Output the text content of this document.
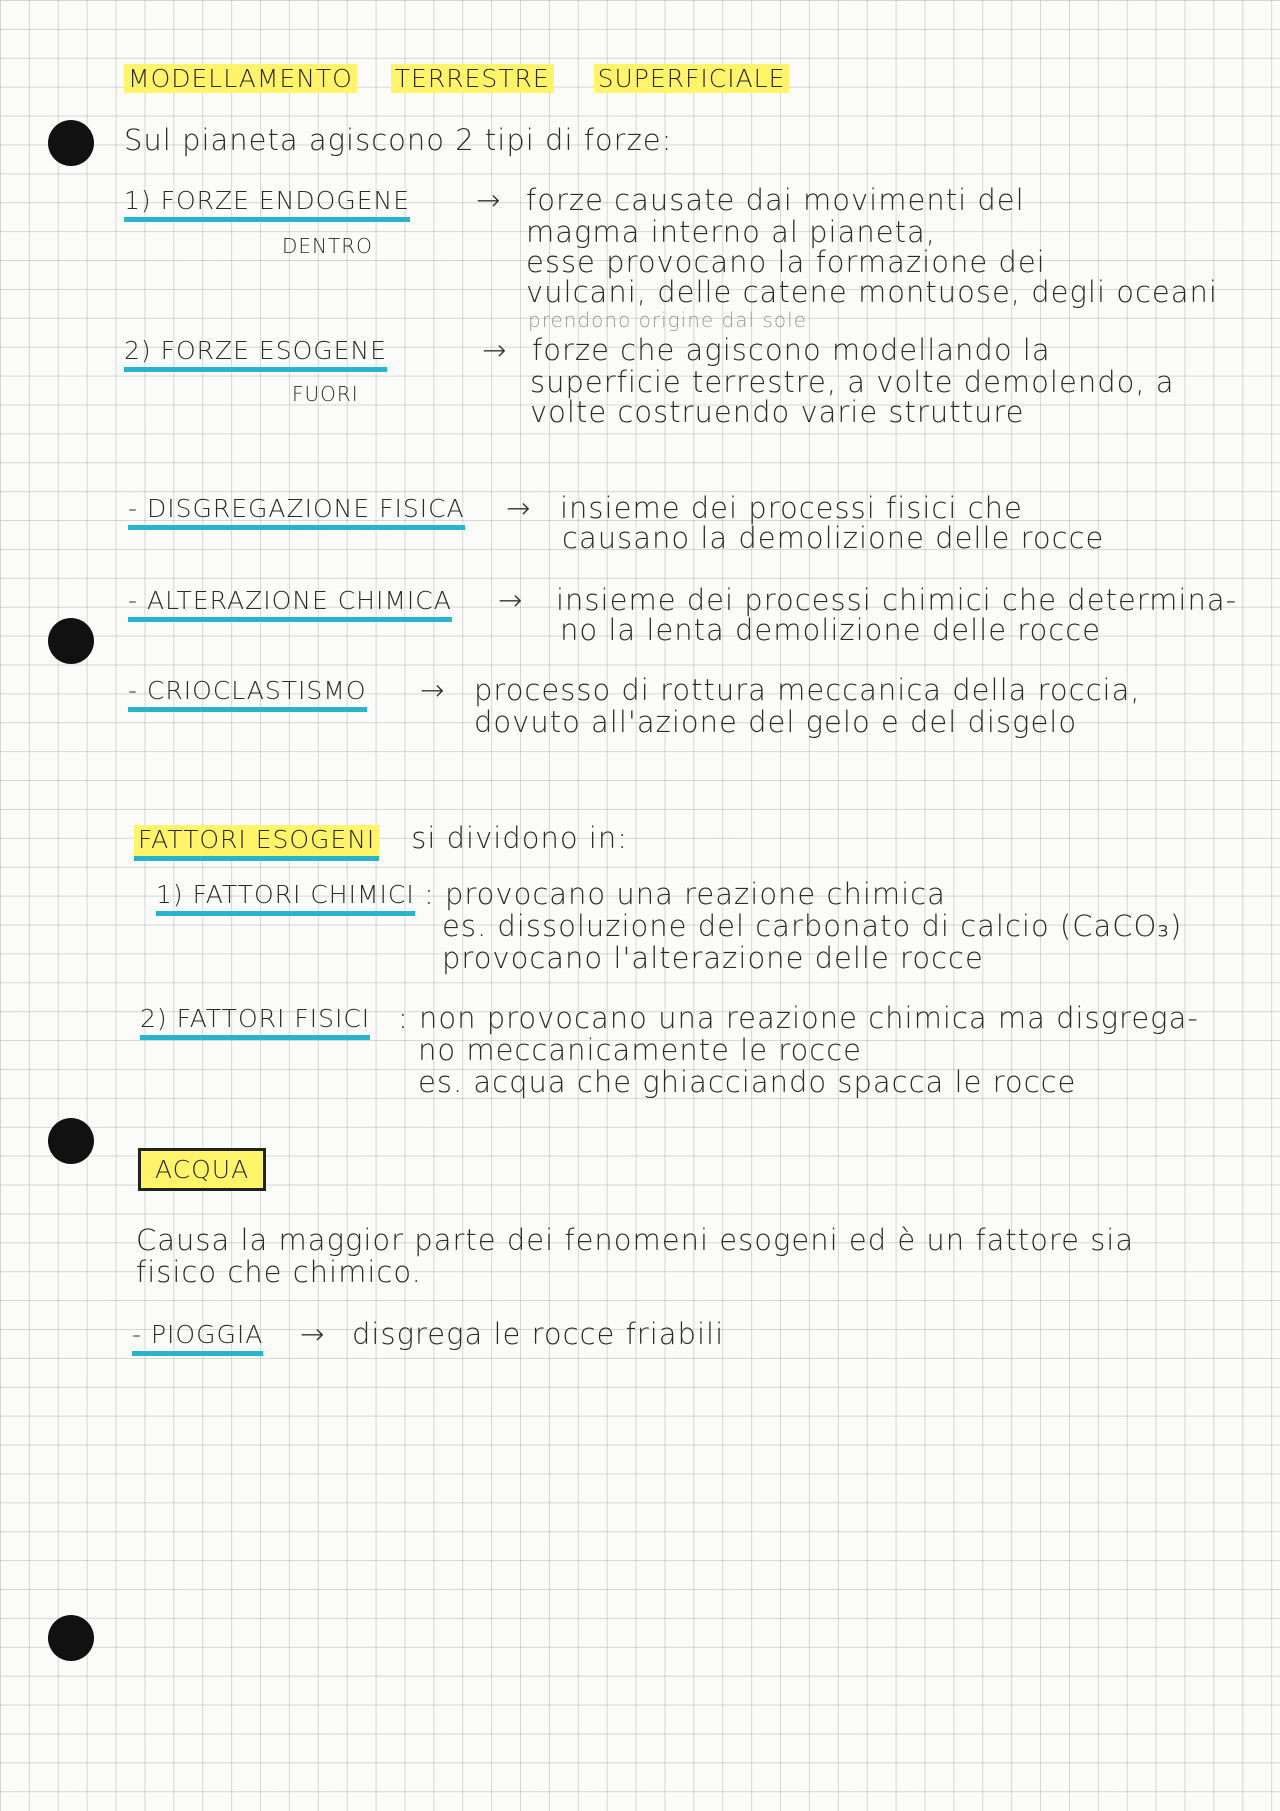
MODELLAMENTO TERRESTRE SUPERFICIALE
Sul pianeta agiscono 2 tipi di forze:
1) FORZE ENDOGENE
DENTRO
→ forze causate dai movimenti del
magma interno al pianeta,
esse provocano la formazione dei
vulcani, delle catene montuose, degli oceani
prendono origine dal sole
2) FORZE ESOGENE
FUORI
→ forze che agiscono modellando la
superficie terrestre, a volte demolendo, a
volte costruendo varie strutture
- DISGREGAZIONE FISICA → insieme dei processi fisici che
causano la demolizione delle rocce
- ALTERAZIONE CHIMICA → insieme dei processi chimici che determina-
no la lenta demolizione delle rocce
- CRIOCLASTISMO → processo di rottura meccanica della roccia,
dovuto all'azione del gelo e del disgelo
FATTORI ESOGENI si dividono in:
1) FATTORI CHIMICI : provocano una reazione chimica
es. dissoluzione del carbonato di calcio (CaCO₃)
provocano l'alterazione delle rocce
2) FATTORI FISICI : non provocano una reazione chimica ma disgrega-
no meccanicamente le rocce
es. acqua che ghiacciando spacca le rocce
ACQUA
Causa la maggior parte dei fenomeni esogeni ed è un fattore sia
fisico che chimico.
- PIOGGIA → disgrega le rocce friabili
